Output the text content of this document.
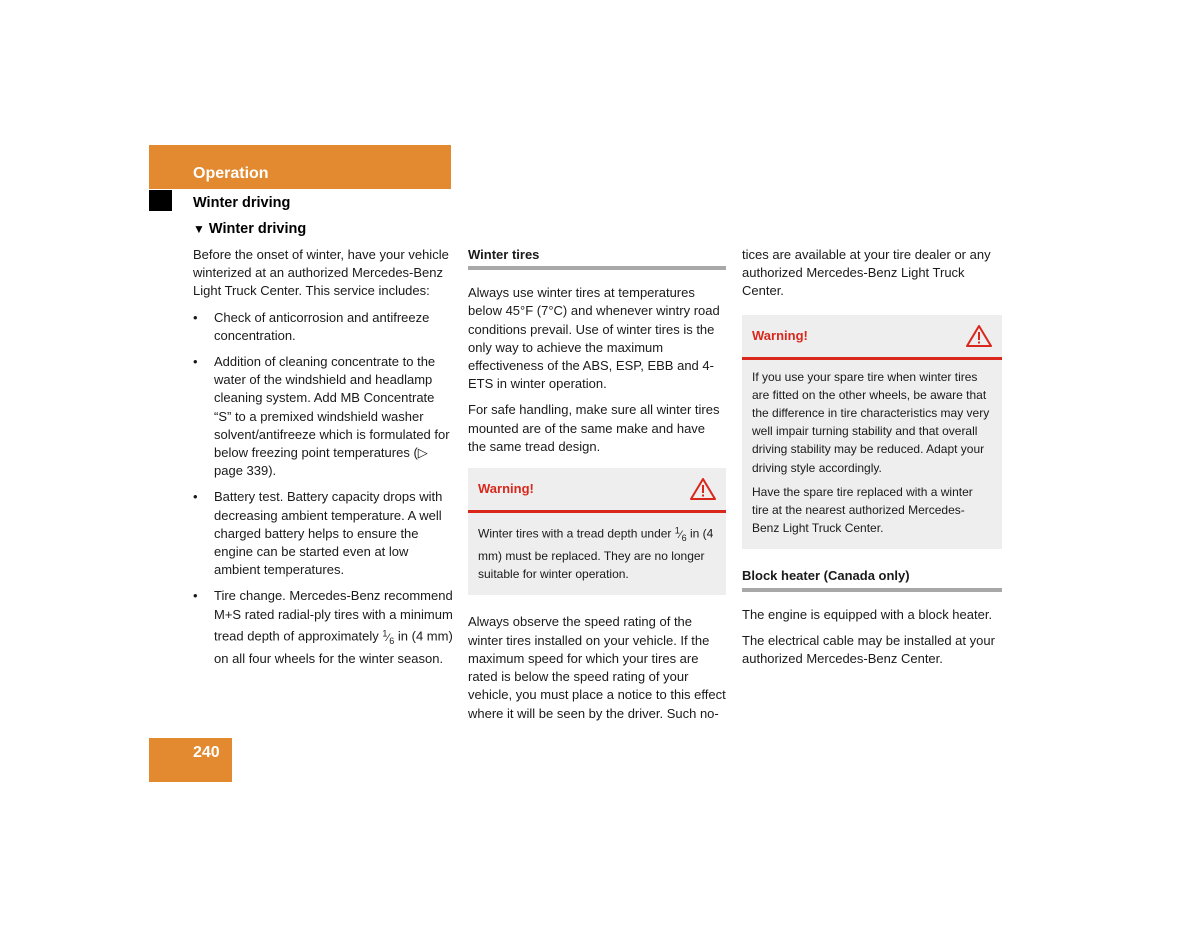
Operation
Winter driving
▼ Winter driving

Before the onset of winter, have your vehicle winterized at an authorized Mercedes-Benz Light Truck Center. This service includes:

• Check of anticorrosion and antifreeze concentration.
• Addition of cleaning concentrate to the water of the windshield and headlamp cleaning system. Add MB Concentrate “S” to a premixed windshield washer solvent/antifreeze which is formulated for below freezing point temperatures (▷ page 339).
• Battery test. Battery capacity drops with decreasing ambient temperature. A well charged battery helps to ensure the engine can be started even at low ambient temperatures.
• Tire change. Mercedes-Benz recommend M+S rated radial-ply tires with a minimum tread depth of approximately $^1⁄_6$ in (4 mm) on all four wheels for the winter season.
Winter tires

Always use winter tires at temperatures below 45°F (7°C) and whenever wintry road conditions prevail. Use of winter tires is the only way to achieve the maximum effectiveness of the ABS, ESP, EBB and 4-ETS in winter operation.

For safe handling, make sure all winter tires mounted are of the same make and have the same tread design.

Warning!

Winter tires with a tread depth under $^1⁄_6$ in (4 mm) must be replaced. They are no longer suitable for winter operation.

Always observe the speed rating of the winter tires installed on your vehicle. If the maximum speed for which your tires are rated is below the speed rating of your vehicle, you must place a notice to this effect where it will be seen by the driver. Such no-

tices are available at your tire dealer or any authorized Mercedes-Benz Light Truck Center.

Warning!

If you use your spare tire when winter tires are fitted on the other wheels, be aware that the difference in tire characteristics may very well impair turning stability and that overall driving stability may be reduced. Adapt your driving style accordingly.

Have the spare tire replaced with a winter tire at the nearest authorized Mercedes-Benz Light Truck Center.

Block heater (Canada only)

The engine is equipped with a block heater.

The electrical cable may be installed at your authorized Mercedes-Benz Center.

240
